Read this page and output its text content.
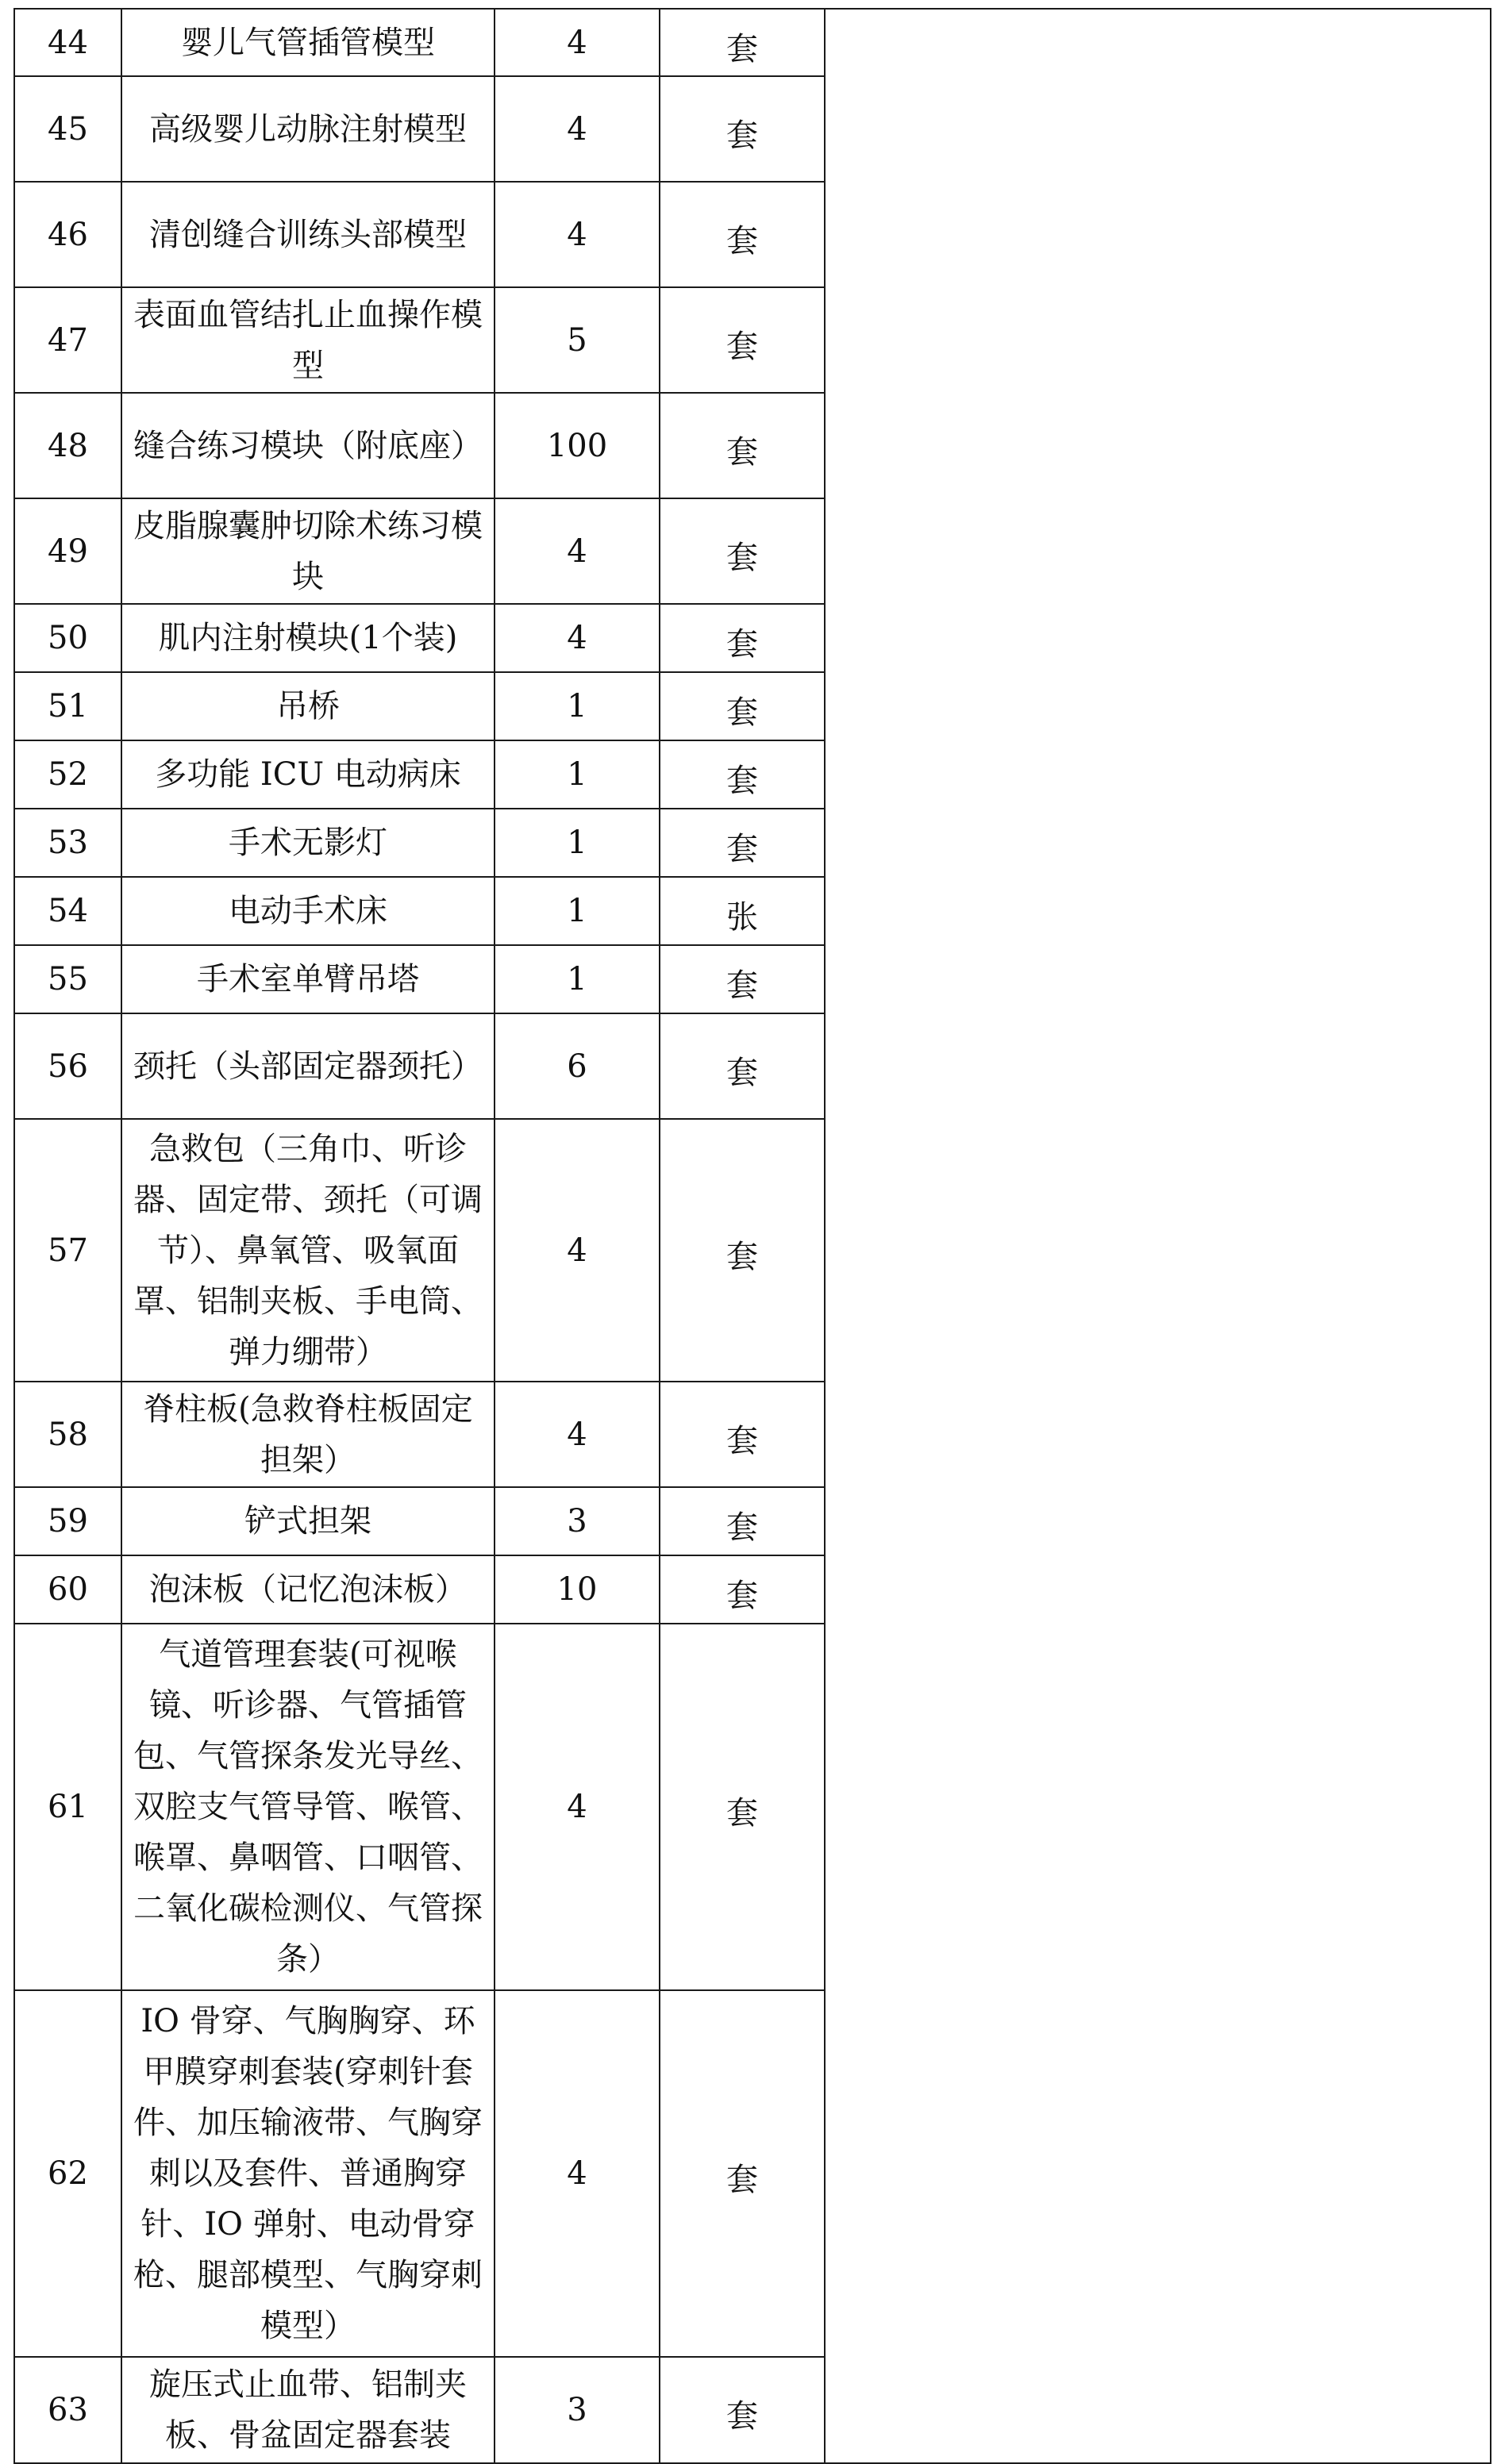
44	婴儿气管插管模型	4	套	
45	高级婴儿动脉注射模型	4	套	
46	清创缝合训练头部模型	4	套	
47	表面血管结扎止血操作模型	5	套	
48	缝合练习模块（附底座）	100	套	
49	皮脂腺囊肿切除术练习模块	4	套	
50	肌内注射模块(1个装)	4	套	
51	吊桥	1	套	
52	多功能 ICU 电动病床	1	套	
53	手术无影灯	1	套	
54	电动手术床	1	张	
55	手术室单臂吊塔	1	套	
56	颈托（头部固定器颈托）	6	套	
57	急救包（三角巾、听诊器、固定带、颈托（可调节）、鼻氧管、吸氧面罩、铝制夹板、手电筒、弹力绷带）	4	套	
58	脊柱板(急救脊柱板固定担架）	4	套	
59	铲式担架	3	套	
60	泡沫板（记忆泡沫板）	10	套	
61	气道管理套装(可视喉镜、听诊器、气管插管包、气管探条发光导丝、双腔支气管导管、喉管、喉罩、鼻咽管、口咽管、二氧化碳检测仪、气管探条）	4	套	
62	IO 骨穿、气胸胸穿、环甲膜穿刺套装(穿刺针套件、加压输液带、气胸穿刺以及套件、普通胸穿针、IO 弹射、电动骨穿枪、腿部模型、气胸穿刺模型）	4	套	
63	旋压式止血带、铝制夹板、骨盆固定器套装	3	套	
